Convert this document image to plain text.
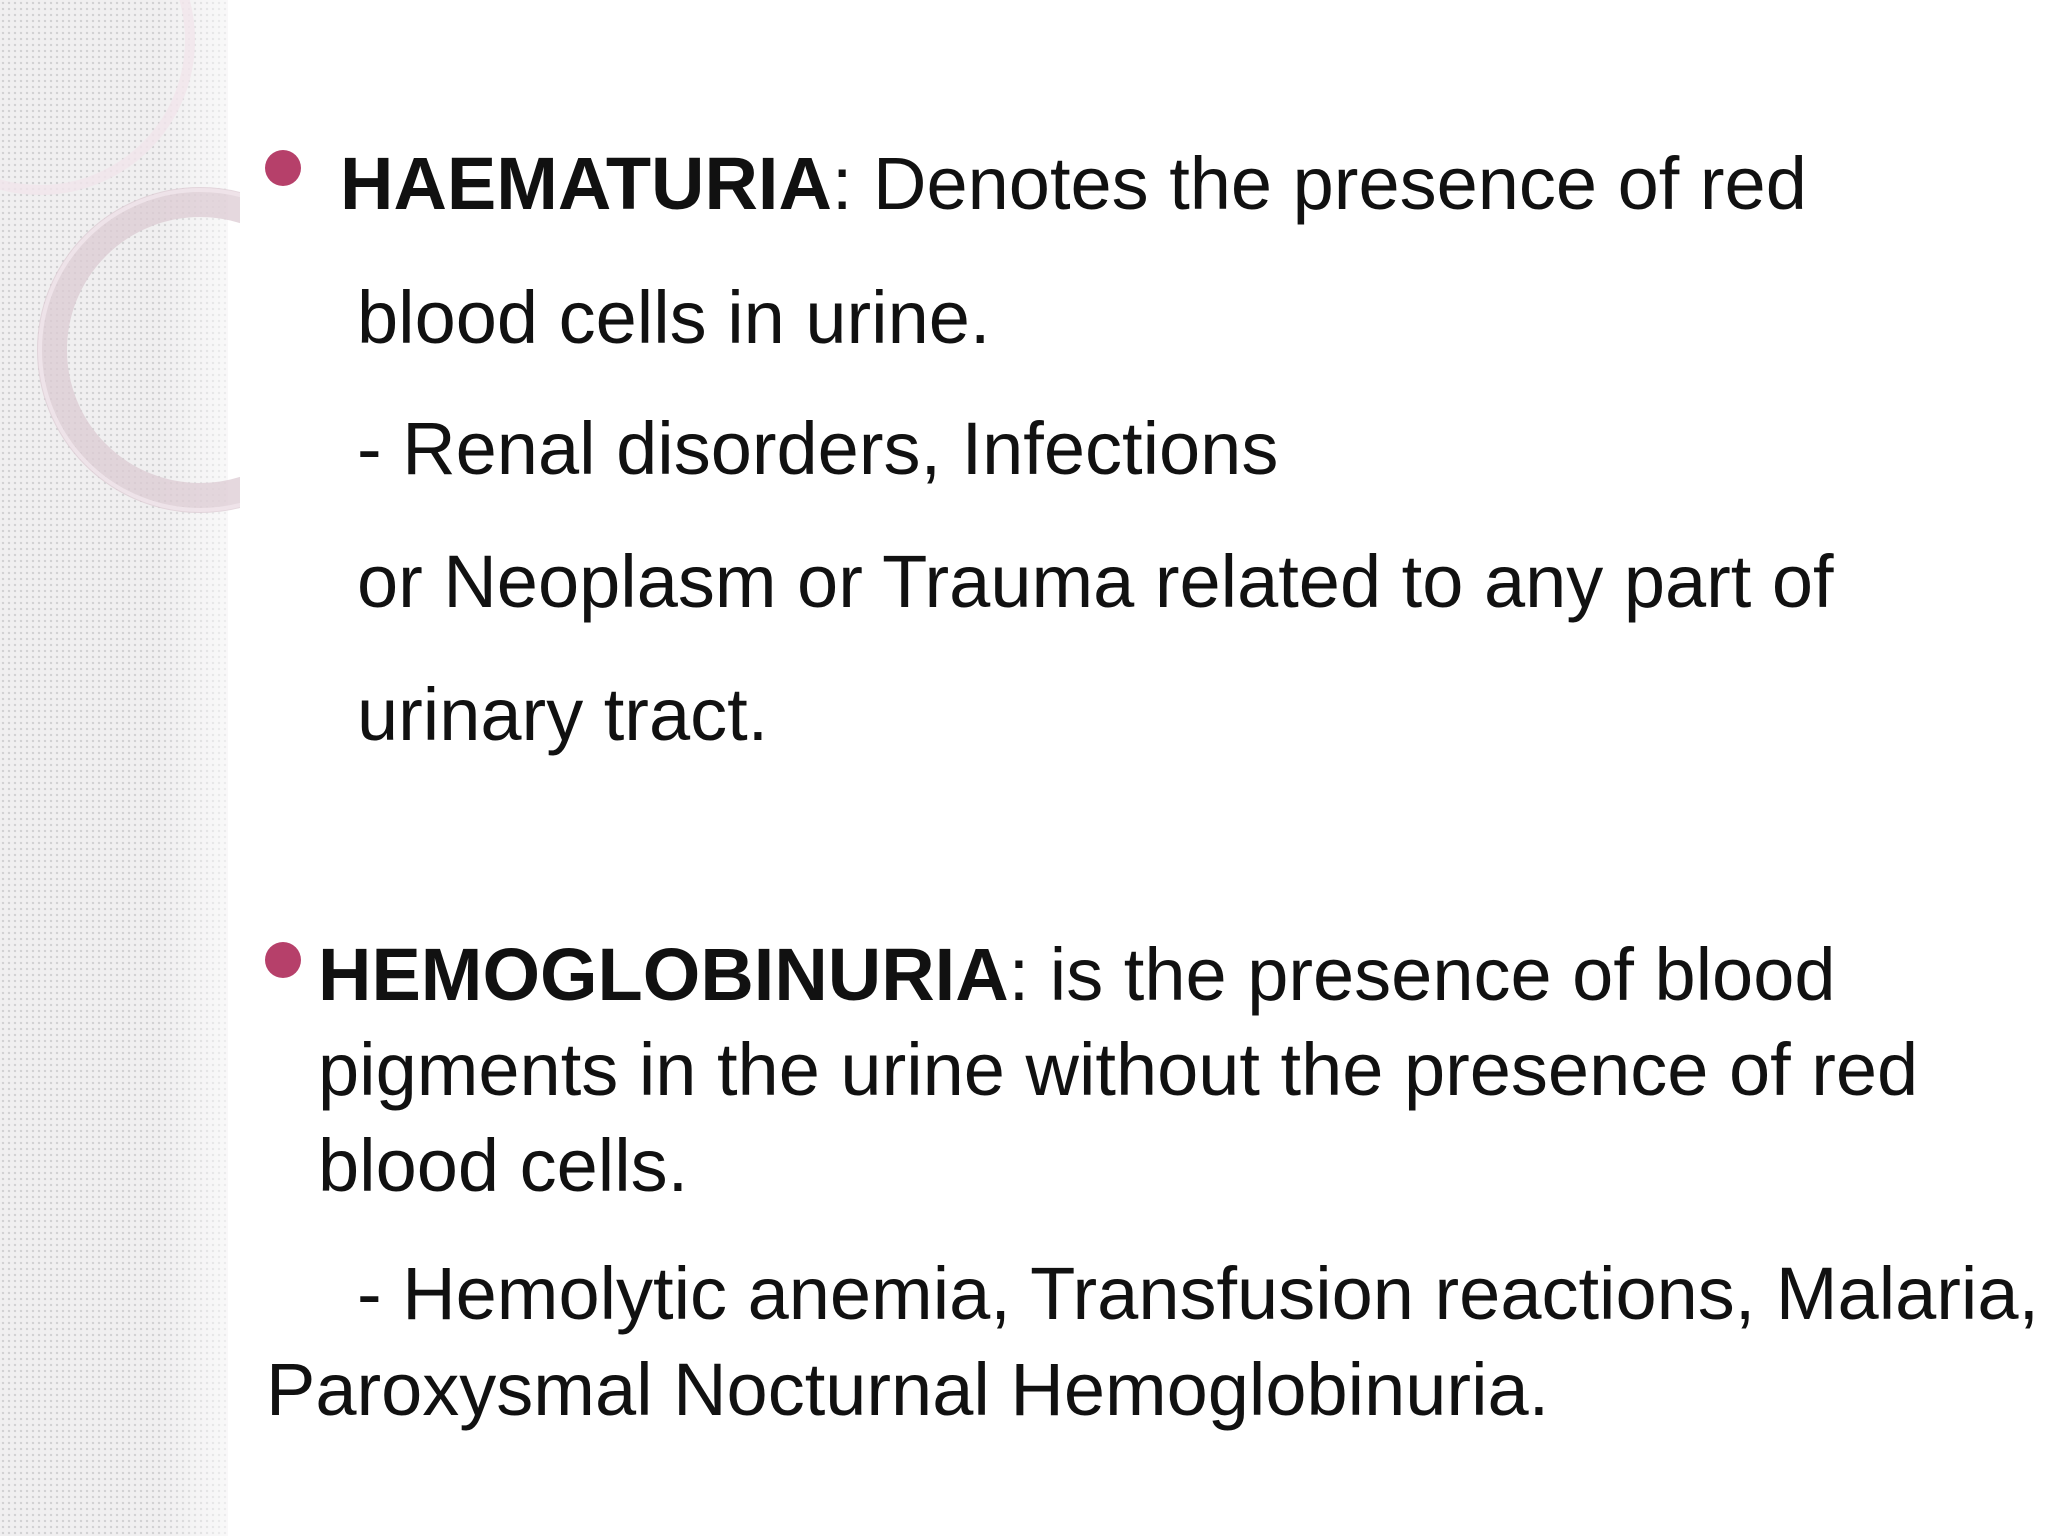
HAEMATURIA: Denotes the presence of red
blood cells in urine.
- Renal disorders, Infections
or Neoplasm or Trauma related to any part of
urinary tract.
HEMOGLOBINURIA: is the presence of blood
pigments in the urine without the presence of red
blood cells.
- Hemolytic anemia, Transfusion reactions, Malaria,
Paroxysmal Nocturnal Hemoglobinuria.
